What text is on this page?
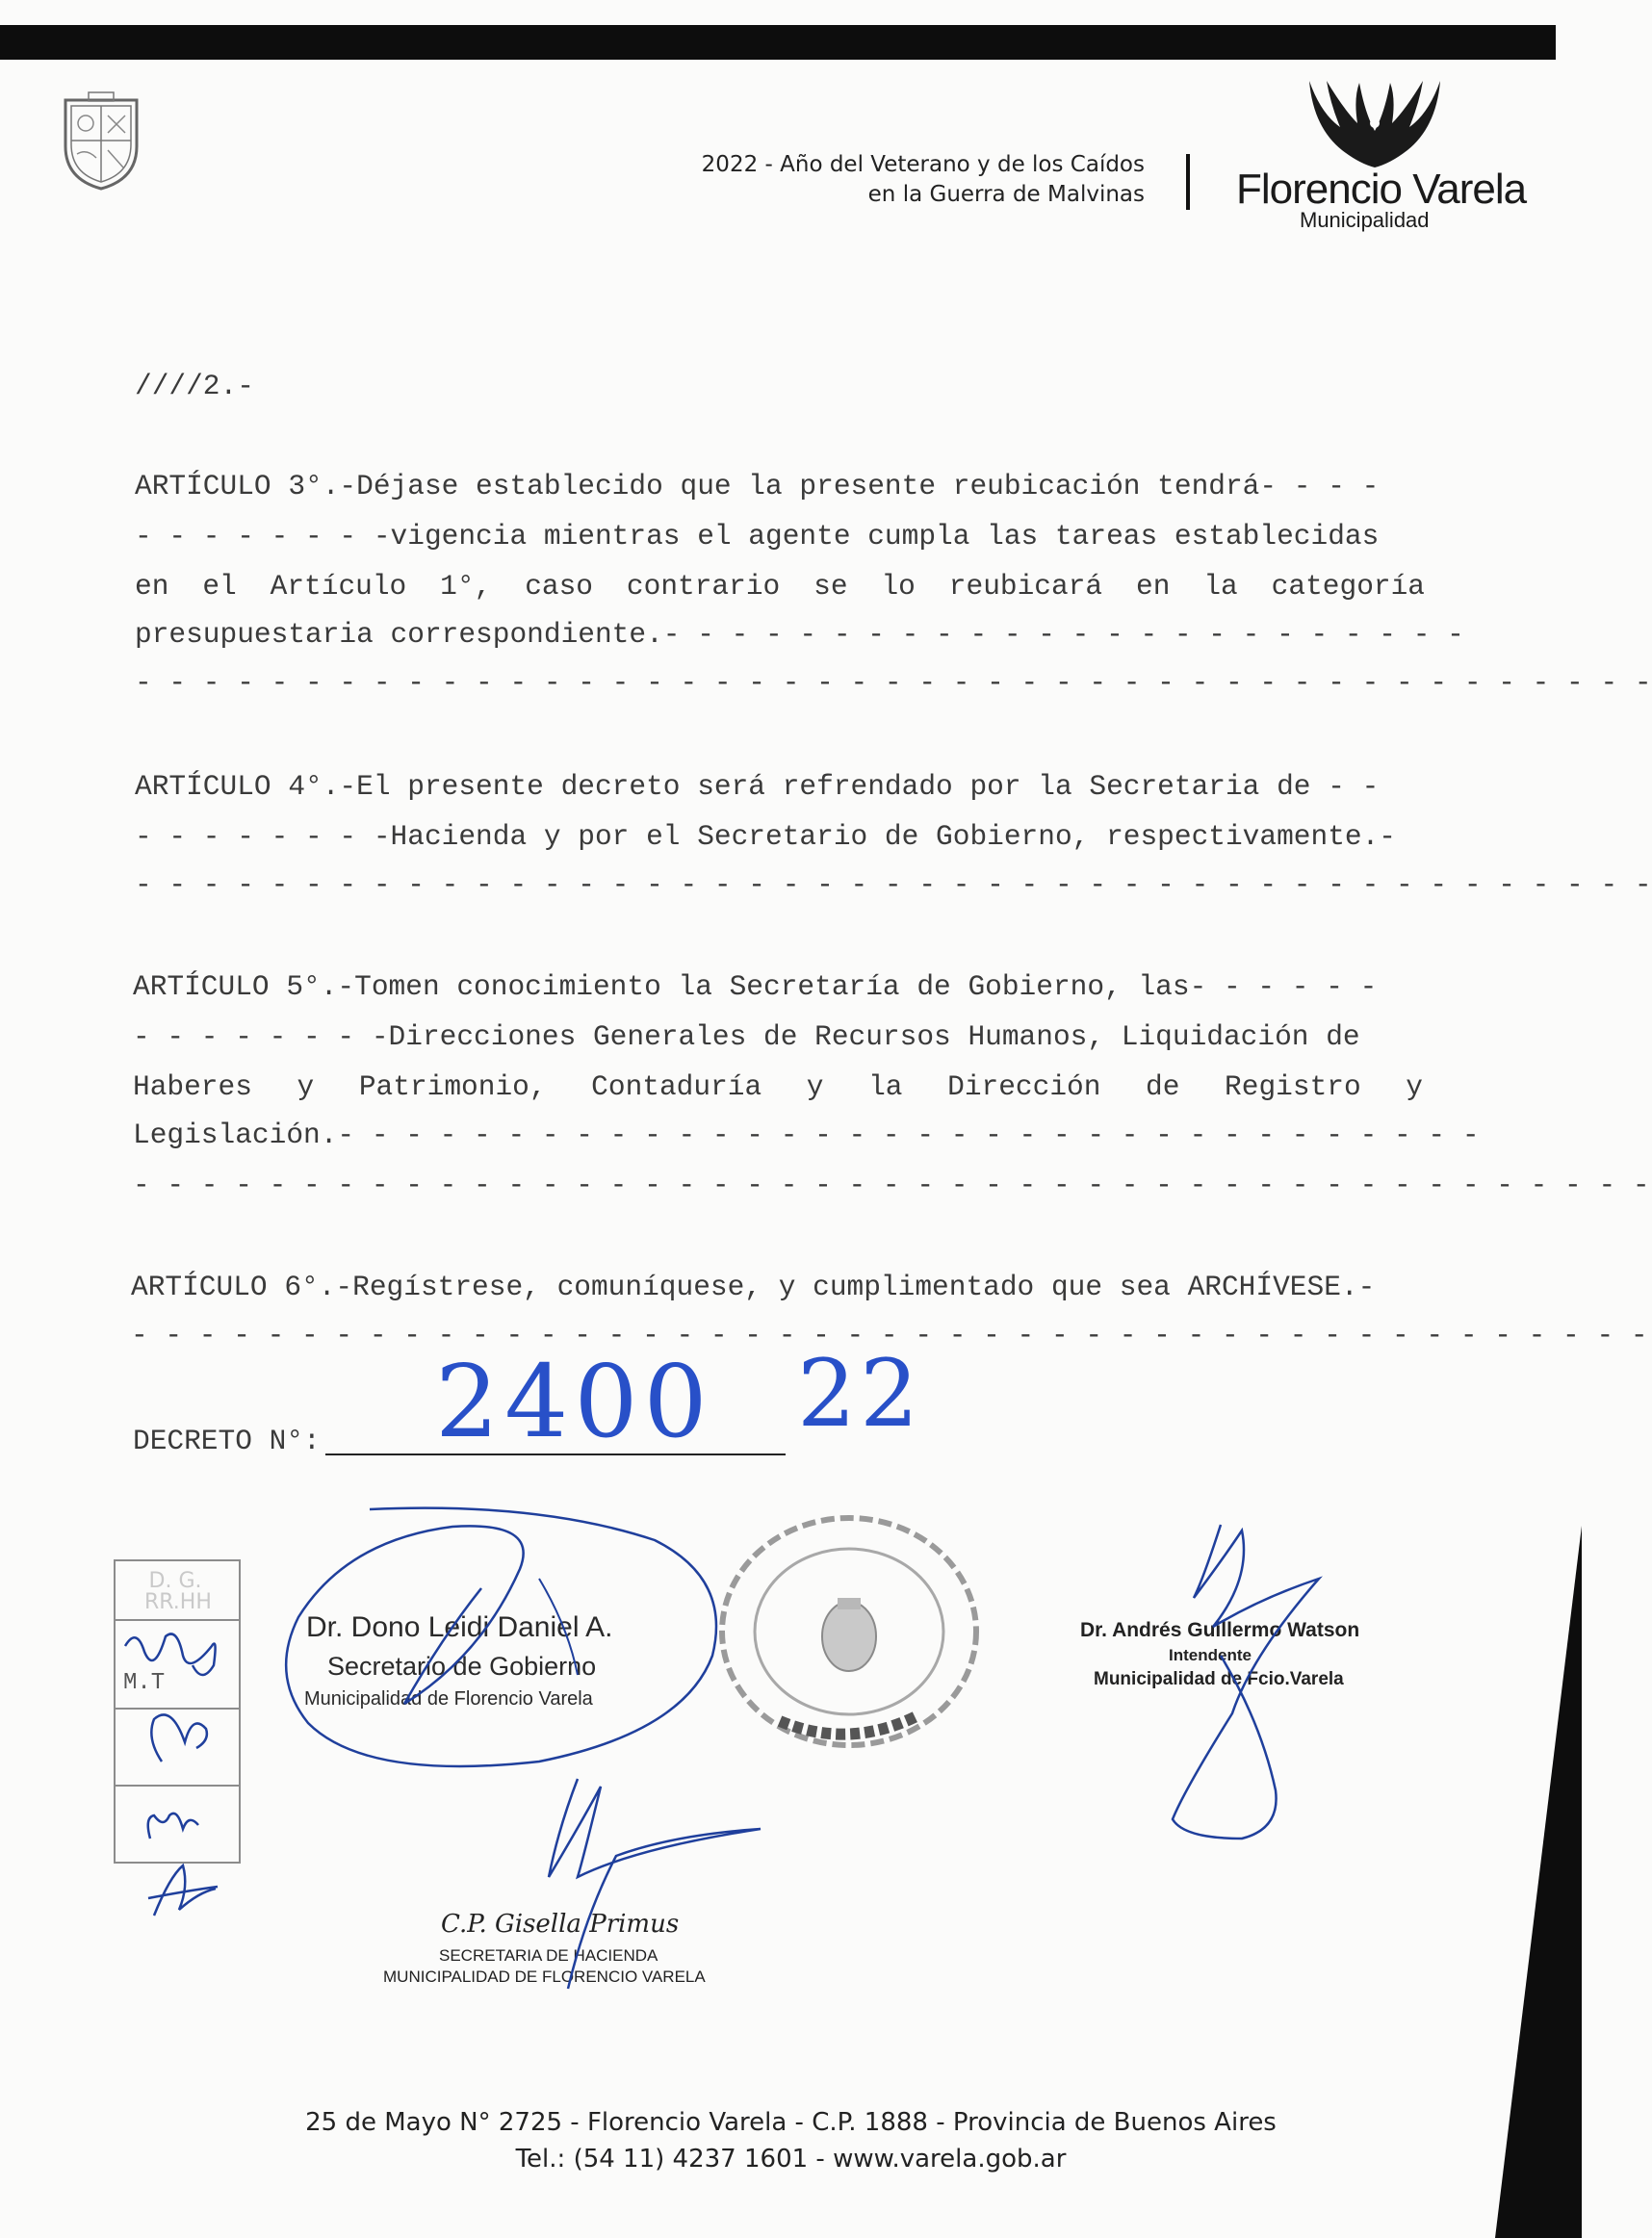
2022 - Año del Veterano y de los Caídos
en la Guerra de Malvinas Florencio Varela
Municipalidad
////2.-
ARTÍCULO 3°.-Déjase establecido que la presente reubicación tendrá- - - -
- - - - - - - -vigencia mientras el agente cumpla las tareas establecidas
en el Artículo 1°, caso contrario se lo reubicará en la categoría
presupuestaria correspondiente.- - - - - - - - - - - - - - - - - - - - - - - -
- - - - - - - - - - - - - - - - - - - - - - - - - - - - - - - - - - - - - - - - - - - - -
ARTÍCULO 4°.-El presente decreto será refrendado por la Secretaria de - -
- - - - - - - -Hacienda y por el Secretario de Gobierno, respectivamente.-
- - - - - - - - - - - - - - - - - - - - - - - - - - - - - - - - - - - - - - - - - - - - -
ARTÍCULO 5°.-Tomen conocimiento la Secretaría de Gobierno, las- - - - - -
- - - - - - - -Direcciones Generales de Recursos Humanos, Liquidación de
Haberes y Patrimonio, Contaduría y la Dirección de Registro y
Legislación.- - - - - - - - - - - - - - - - - - - - - - - - - - - - - - - - - -
- - - - - - - - - - - - - - - - - - - - - - - - - - - - - - - - - - - - - - - - - - - - -
ARTÍCULO 6°.-Regístrese, comuníquese, y cumplimentado que sea ARCHÍVESE.-
- - - - - - - - - - - - - - - - - - - - - - - - - - - - - - - - - - - - - - - - - - - - -
DECRETO N°: 2400 22
D. G. RR.HH
M.T
Dr. Dono Leidi Daniel A.
Secretario de Gobierno
Municipalidad de Florencio Varela
Dr. Andrés Guillermo Watson
Intendente
Municipalidad de Fcio.Varela
C.P. Gisella Primus
SECRETARIA DE HACIENDA
MUNICIPALIDAD DE FLORENCIO VARELA
25 de Mayo N° 2725 - Florencio Varela - C.P. 1888 - Provincia de Buenos Aires
Tel.: (54 11) 4237 1601 - www.varela.gob.ar
